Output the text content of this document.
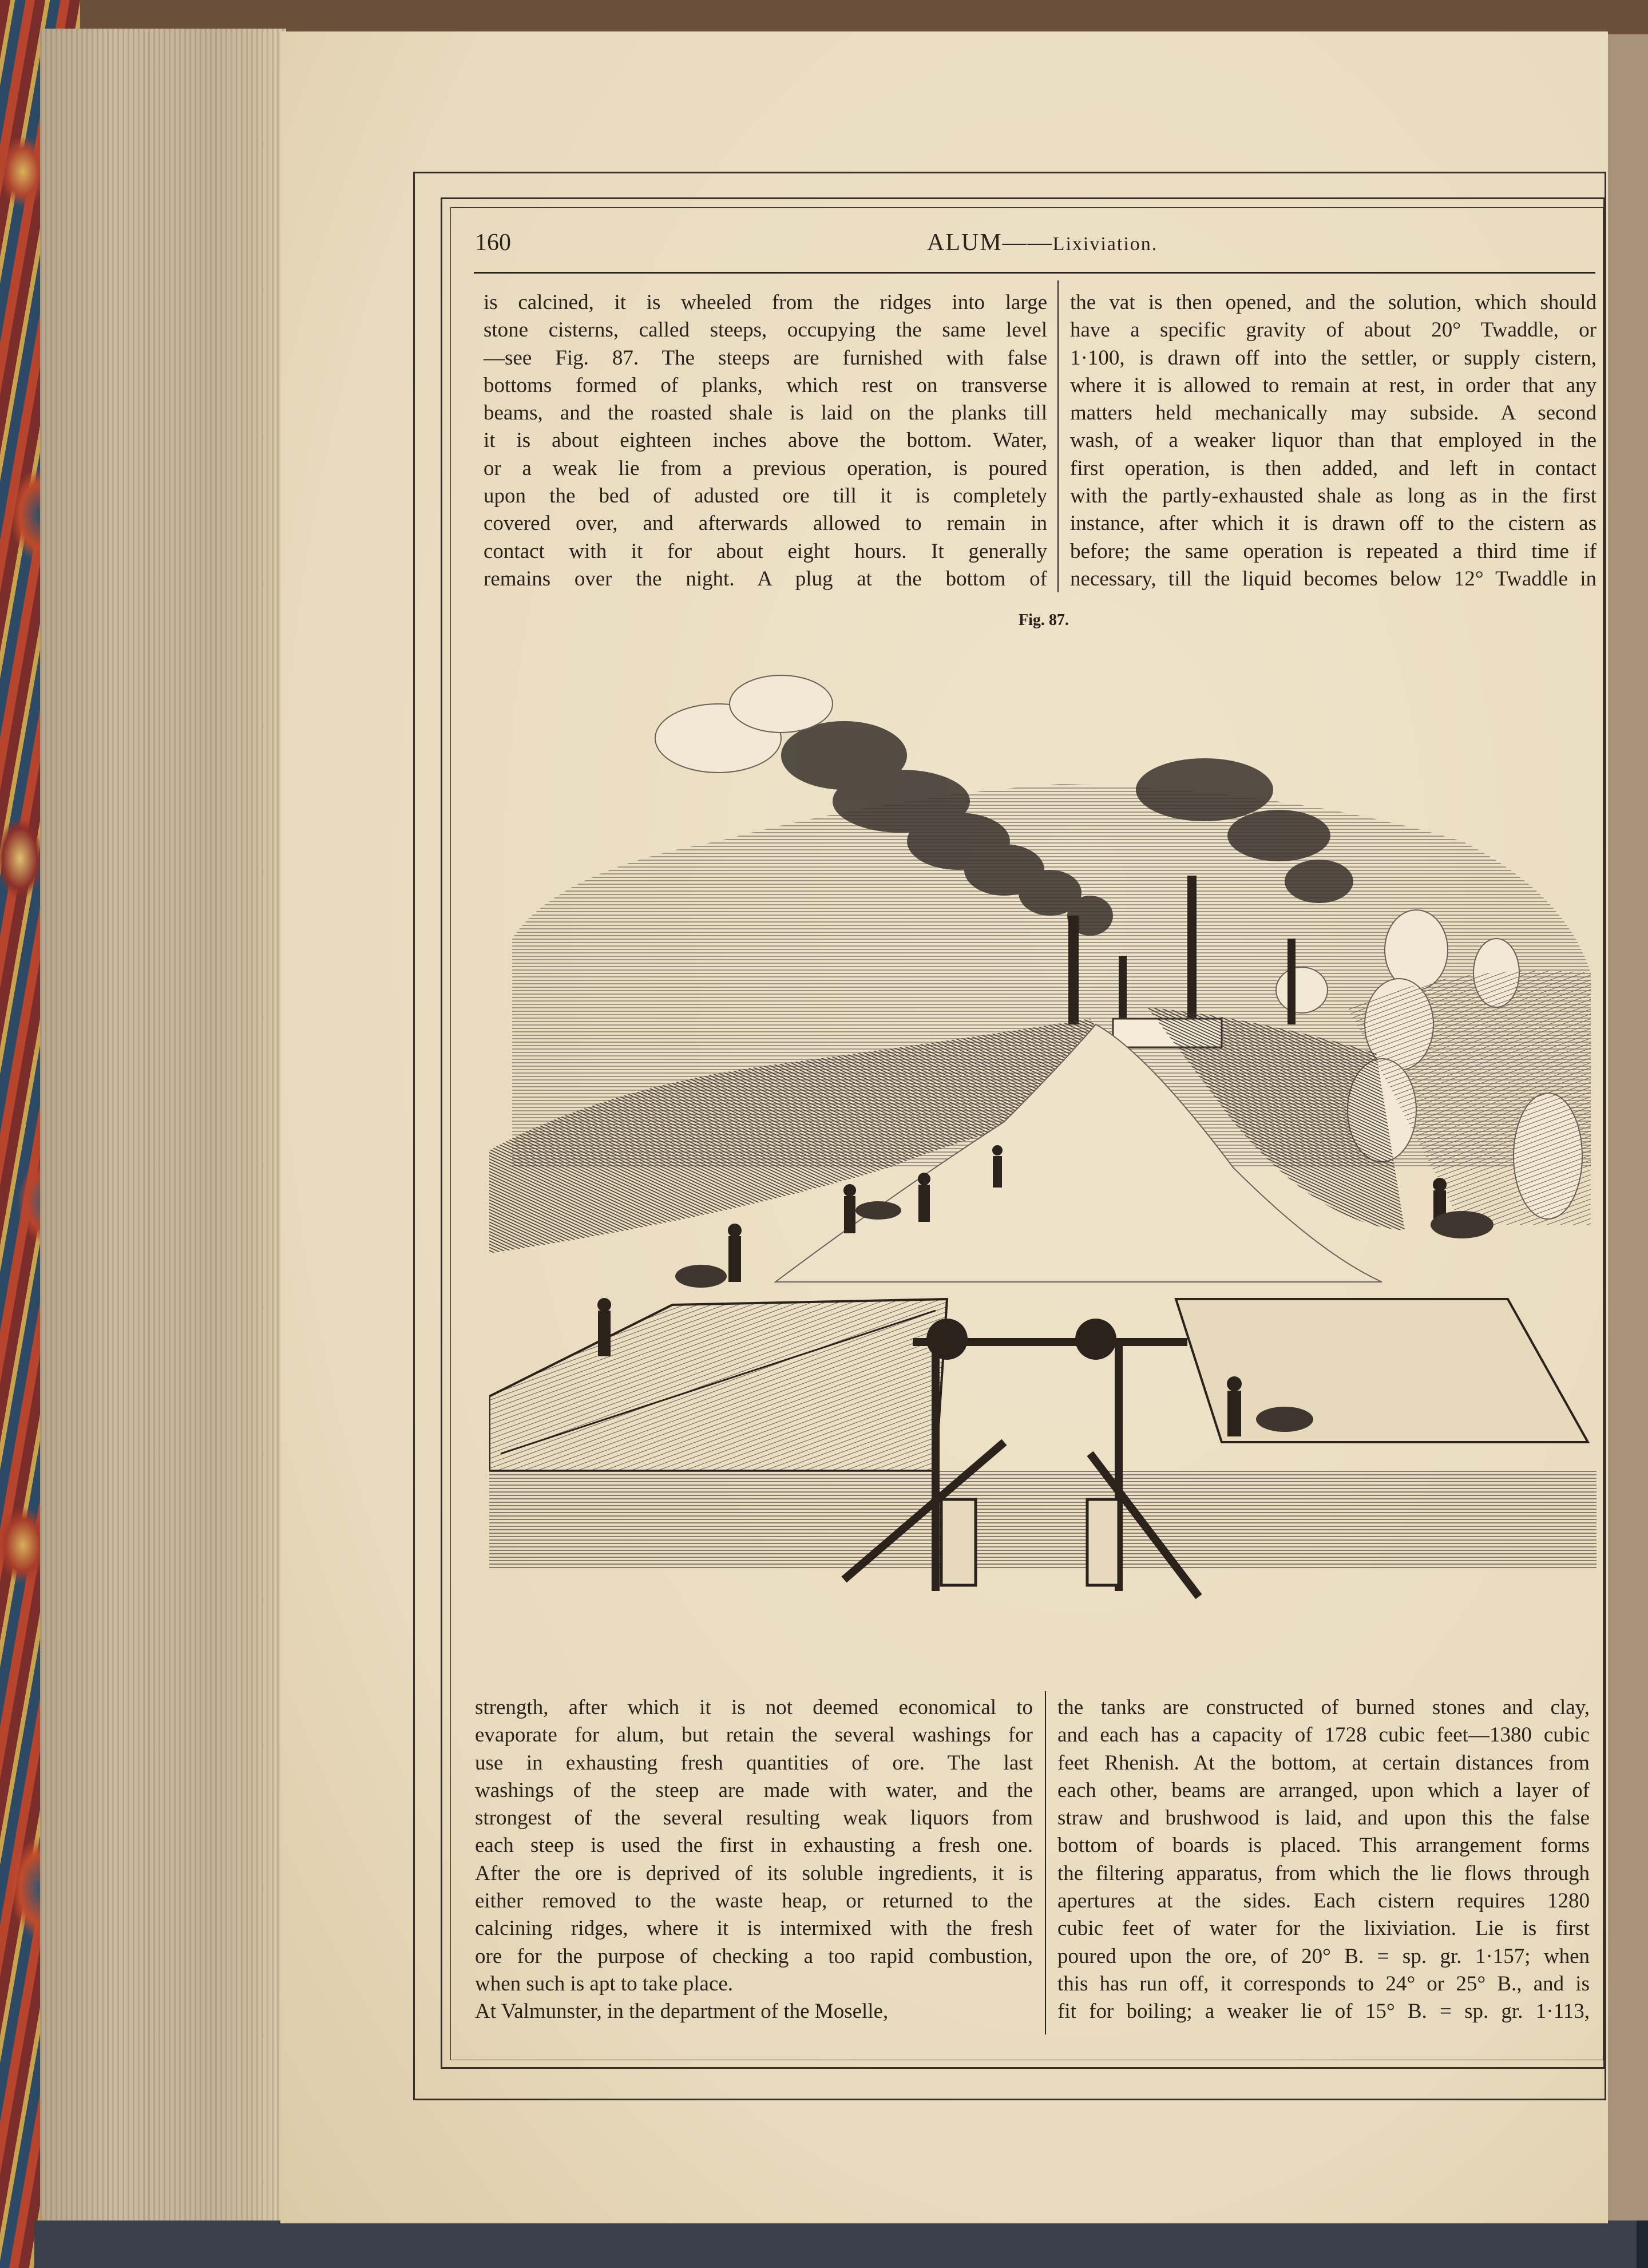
160	ALUM——Lixiviation.
is calcined, it is wheeled from the ridges into large
stone cisterns, called steeps, occupying the same level
—see Fig. 87. The steeps are furnished with false
bottoms formed of planks, which rest on transverse
beams, and the roasted shale is laid on the planks till
it is about eighteen inches above the bottom. Water,
or a weak lie from a previous operation, is poured
upon the bed of adusted ore till it is completely
covered over, and afterwards allowed to remain in
contact with it for about eight hours. It generally
remains over the night. A plug at the bottom of
the vat is then opened, and the solution, which should
have a specific gravity of about 20° Twaddle, or
1·100, is drawn off into the settler, or supply cistern,
where it is allowed to remain at rest, in order that any
matters held mechanically may subside. A second
wash, of a weaker liquor than that employed in the
first operation, is then added, and left in contact
with the partly-exhausted shale as long as in the first
instance, after which it is drawn off to the cistern as
before; the same operation is repeated a third time if
necessary, till the liquid becomes below 12° Twaddle in
Fig. 87.
strength, after which it is not deemed economical to
evaporate for alum, but retain the several washings for
use in exhausting fresh quantities of ore. The last
washings of the steep are made with water, and the
strongest of the several resulting weak liquors from
each steep is used the first in exhausting a fresh one.
After the ore is deprived of its soluble ingredients, it is
either removed to the waste heap, or returned to the
calcining ridges, where it is intermixed with the fresh
ore for the purpose of checking a too rapid combustion,
when such is apt to take place.
At Valmunster, in the department of the Moselle,
the tanks are constructed of burned stones and clay,
and each has a capacity of 1728 cubic feet—1380 cubic
feet Rhenish. At the bottom, at certain distances from
each other, beams are arranged, upon which a layer of
straw and brushwood is laid, and upon this the false
bottom of boards is placed. This arrangement forms
the filtering apparatus, from which the lie flows through
apertures at the sides. Each cistern requires 1280
cubic feet of water for the lixiviation. Lie is first
poured upon the ore, of 20° B. = sp. gr. 1·157; when
this has run off, it corresponds to 24° or 25° B., and is
fit for boiling; a weaker lie of 15° B. = sp. gr. 1·113,
